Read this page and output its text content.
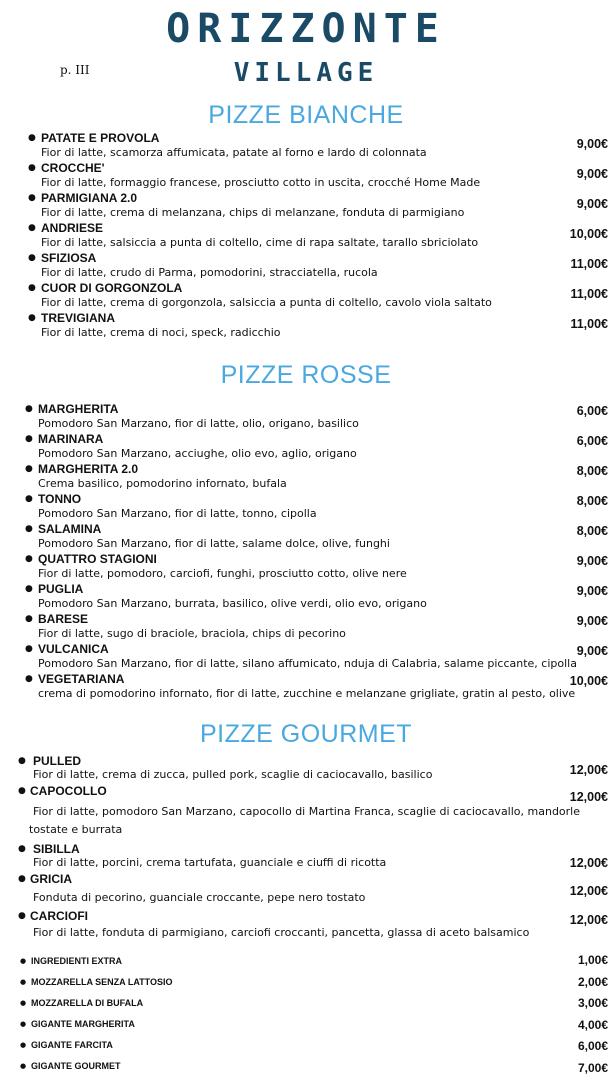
ORIZZONTE
VILLAGE
p. III
PIZZE BIANCHE
● PATATE E PROVOLA
Fior di latte, scamorza affumicata, patate al forno e lardo di colonnata
9,00€
● CROCCHE'
Fior di latte, formaggio francese, prosciutto cotto in uscita, crocché Home Made
9,00€
● PARMIGIANA 2.0
Fior di latte, crema di melanzana, chips di melanzane, fonduta di parmigiano
9,00€
● ANDRIESE
Fior di latte, salsiccia a punta di coltello, cime di rapa saltate, tarallo sbriciolato
10,00€
● SFIZIOSA
Fior di latte, crudo di Parma, pomodorini, stracciatella, rucola
11,00€
● CUOR DI GORGONZOLA
Fior di latte, crema di gorgonzola, salsiccia a punta di coltello, cavolo viola saltato
11,00€
● TREVIGIANA
Fior di latte, crema di noci, speck, radicchio
11,00€
PIZZE ROSSE
● MARGHERITA
Pomodoro San Marzano, fior di latte, olio, origano, basilico
6,00€
● MARINARA
Pomodoro San Marzano, acciughe, olio evo, aglio, origano
6,00€
● MARGHERITA 2.0
Crema basilico, pomodorino infornato, bufala
8,00€
● TONNO
Pomodoro San Marzano, fior di latte, tonno, cipolla
8,00€
● SALAMINA
Pomodoro San Marzano, fior di latte, salame dolce, olive, funghi
8,00€
● QUATTRO STAGIONI
Fior di latte, pomodoro, carciofi, funghi, prosciutto cotto, olive nere
9,00€
● PUGLIA
Pomodoro San Marzano, burrata, basilico, olive verdi, olio evo, origano
9,00€
● BARESE
Fior di latte, sugo di braciole, braciola, chips di pecorino
9,00€
● VULCANICA
Pomodoro San Marzano, fior di latte, silano affumicato, nduja di Calabria, salame piccante, cipolla
9,00€
● VEGETARIANA
crema di pomodorino infornato, fior di latte, zucchine e melanzane grigliate, gratin al pesto, olive
10,00€
PIZZE GOURMET
● PULLED
Fior di latte, crema di zucca, pulled pork, scaglie di caciocavallo, basilico	12,00€
● CAPOCOLLO
Fior di latte, pomodoro San Marzano, capocollo di Martina Franca, scaglie di caciocavallo, mandorle tostate e burrata
12,00€
● SIBILLA
Fior di latte, porcini, crema tartufata, guanciale e ciuffi di ricotta	12,00€
● GRICIA
Fonduta di pecorino, guanciale croccante, pepe nero tostato	12,00€
● CARCIOFI
Fior di latte, fonduta di parmigiano, carciofi croccanti, pancetta, glassa di aceto balsamico
12,00€
● INGREDIENTI EXTRA	1,00€
● MOZZARELLA SENZA LATTOSIO	2,00€
● MOZZARELLA DI BUFALA	3,00€
● GIGANTE MARGHERITA	4,00€
● GIGANTE FARCITA	6,00€
● GIGANTE GOURMET	7,00€
